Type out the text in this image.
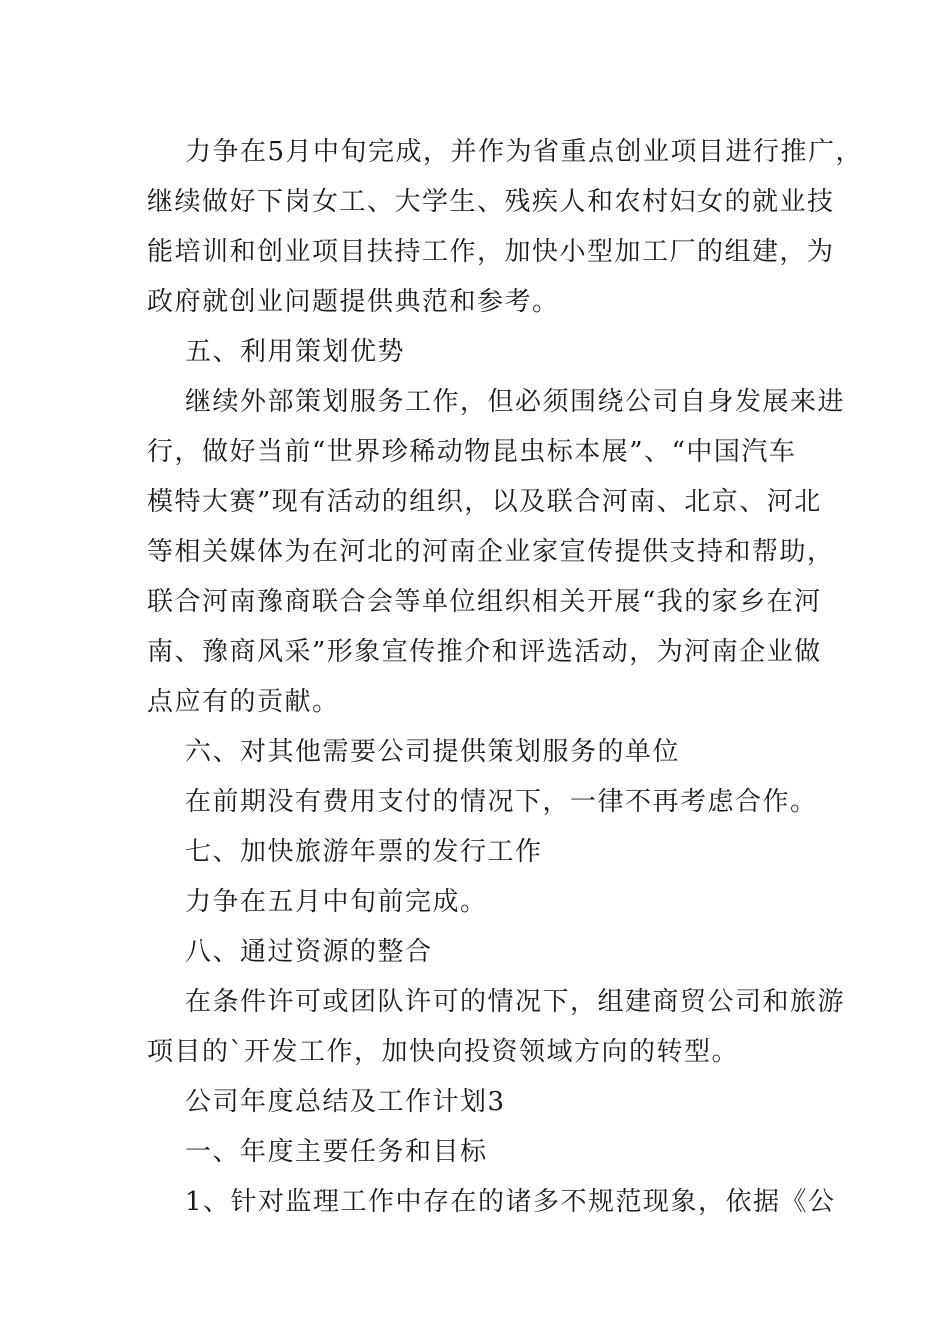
力争在5月中旬完成，并作为省重点创业项目进行推广，
继续做好下岗女工、大学生、残疾人和农村妇女的就业技
能培训和创业项目扶持工作，加快小型加工厂的组建，为
政府就创业问题提供典范和参考。
五、利用策划优势
继续外部策划服务工作，但必须围绕公司自身发展来进
行，做好当前“世界珍稀动物昆虫标本展”、“中国汽车
模特大赛”现有活动的组织，以及联合河南、北京、河北
等相关媒体为在河北的河南企业家宣传提供支持和帮助，
联合河南豫商联合会等单位组织相关开展“我的家乡在河
南、豫商风采”形象宣传推介和评选活动，为河南企业做
点应有的贡献。
六、对其他需要公司提供策划服务的单位
在前期没有费用支付的情况下，一律不再考虑合作。
七、加快旅游年票的发行工作
力争在五月中旬前完成。
八、通过资源的整合
在条件许可或团队许可的情况下，组建商贸公司和旅游
项目的`开发工作，加快向投资领域方向的转型。
公司年度总结及工作计划3
一、年度主要任务和目标
1、针对监理工作中存在的诸多不规范现象，依据《公
